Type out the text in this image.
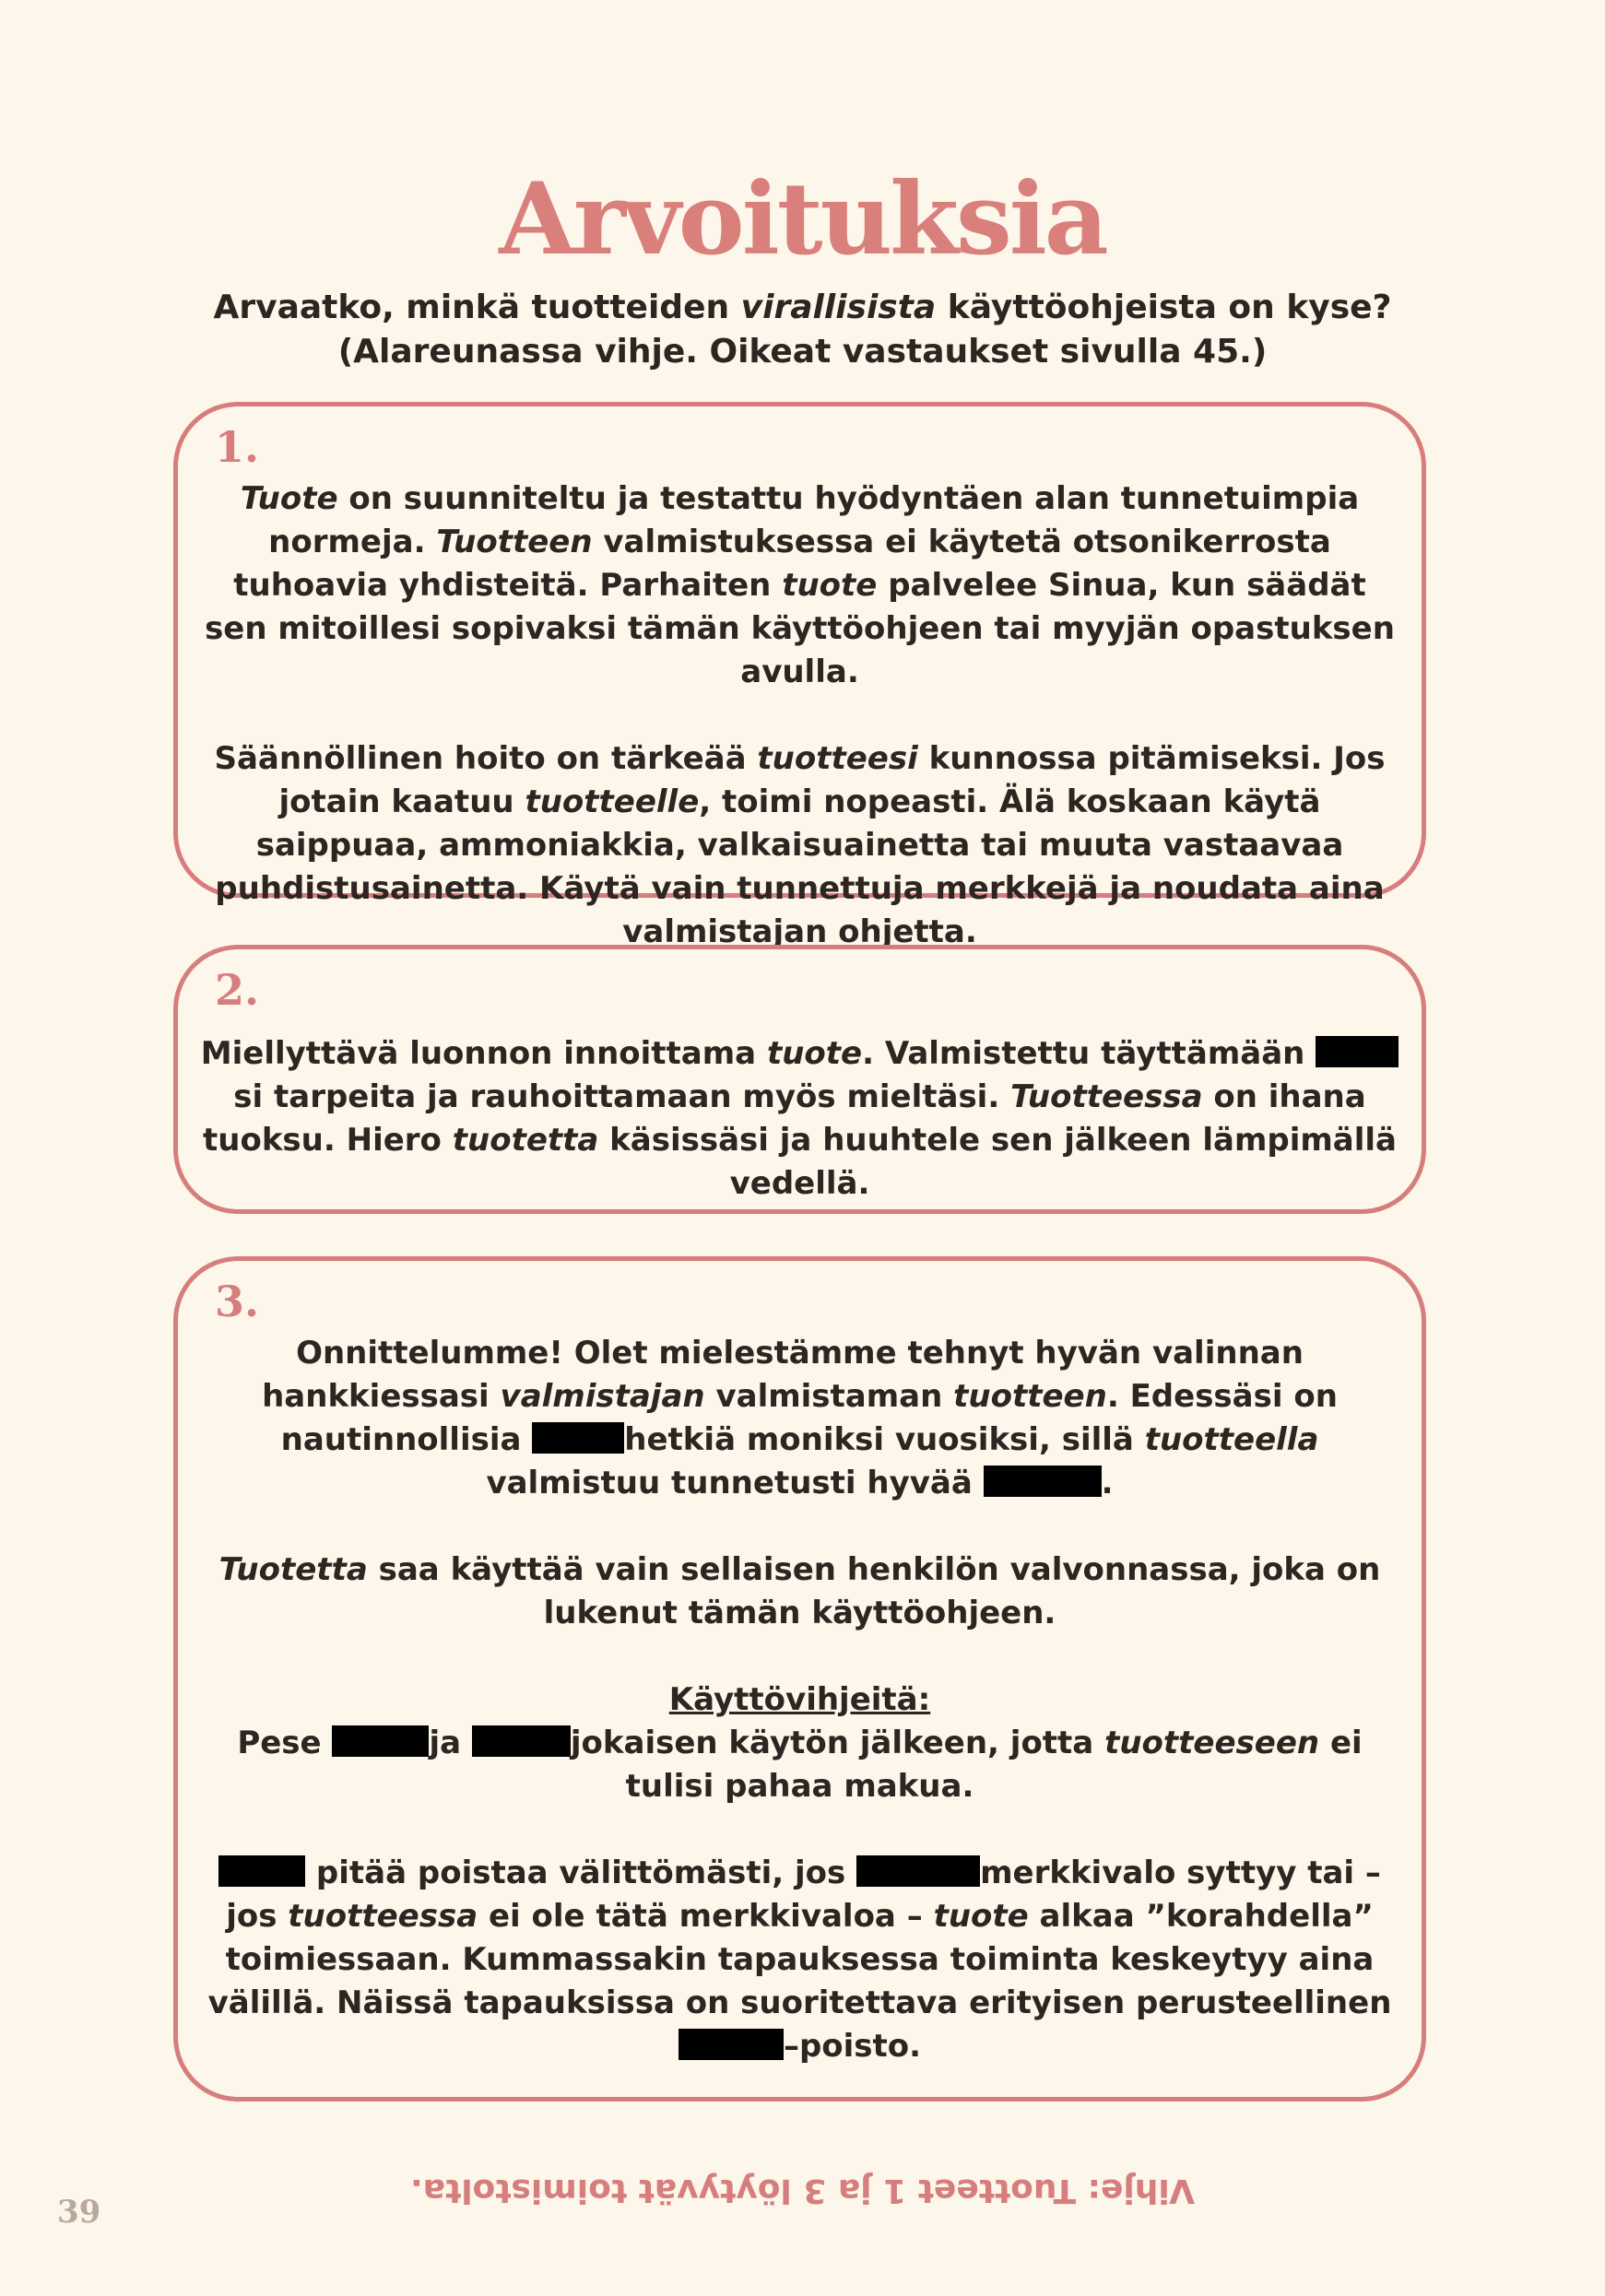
Arvoituksia
Arvaatko, minkä tuotteiden virallisista käyttöohjeista on kyse?
(Alareunassa vihje. Oikeat vastaukset sivulla 45.)
1.

Tuote on suunniteltu ja testattu hyödyntäen alan tunnetuimpia normeja. Tuotteen valmistuksessa ei käytetä otsonikerrosta tuhoavia yhdisteitä. Parhaiten tuote palvelee Sinua, kun säädät sen mitoillesi sopivaksi tämän käyttöohjeen tai myyjän opastuksen avulla.

Säännöllinen hoito on tärkeää tuotteesi kunnossa pitämiseksi. Jos jotain kaatuu tuotteelle, toimi nopeasti. Älä koskaan käytä saippuaa, ammoniakkia, valkaisuainetta tai muuta vastaavaa puhdistusainetta. Käytä vain tunnettuja merkkejä ja noudata aina valmistajan ohjetta.

2.

Miellyttävä luonnon innoittama tuote. Valmistettu täyttämään si tarpeita ja rauhoittamaan myös mieltäsi. Tuotteessa on ihana tuoksu. Hiero tuotetta käsissäsi ja huuhtele sen jälkeen lämpimällä vedellä.

3.

Onnittelumme! Olet mielestämme tehnyt hyvän valinnan hankkiessasi valmistajan valmistaman tuotteen. Edessäsi on nautinnollisia	hetkiä moniksi vuosiksi, sillä tuotteella valmistuu tunnetusti hyvää	.

Tuotetta saa käyttää vain sellaisen henkilön valvonnassa, joka on lukenut tämän käyttöohjeen.

Käyttövihjeitä:

Pese	ja	jokaisen käytön jälkeen, jotta tuotteeseen ei tulisi pahaa makua.

pitää poistaa välittömästi, jos	merkkivalo syttyy tai – jos tuotteessa ei ole tätä merkkivaloa – tuote alkaa ”korahdella” toimiessaan. Kummassakin tapauksessa toiminta keskeytyy aina välillä. Näissä tapauksissa on suoritettava erityisen perusteellinen –poisto.

Vihje: Tuotteet 1 ja 3 löytyvät toimistolta.
39
